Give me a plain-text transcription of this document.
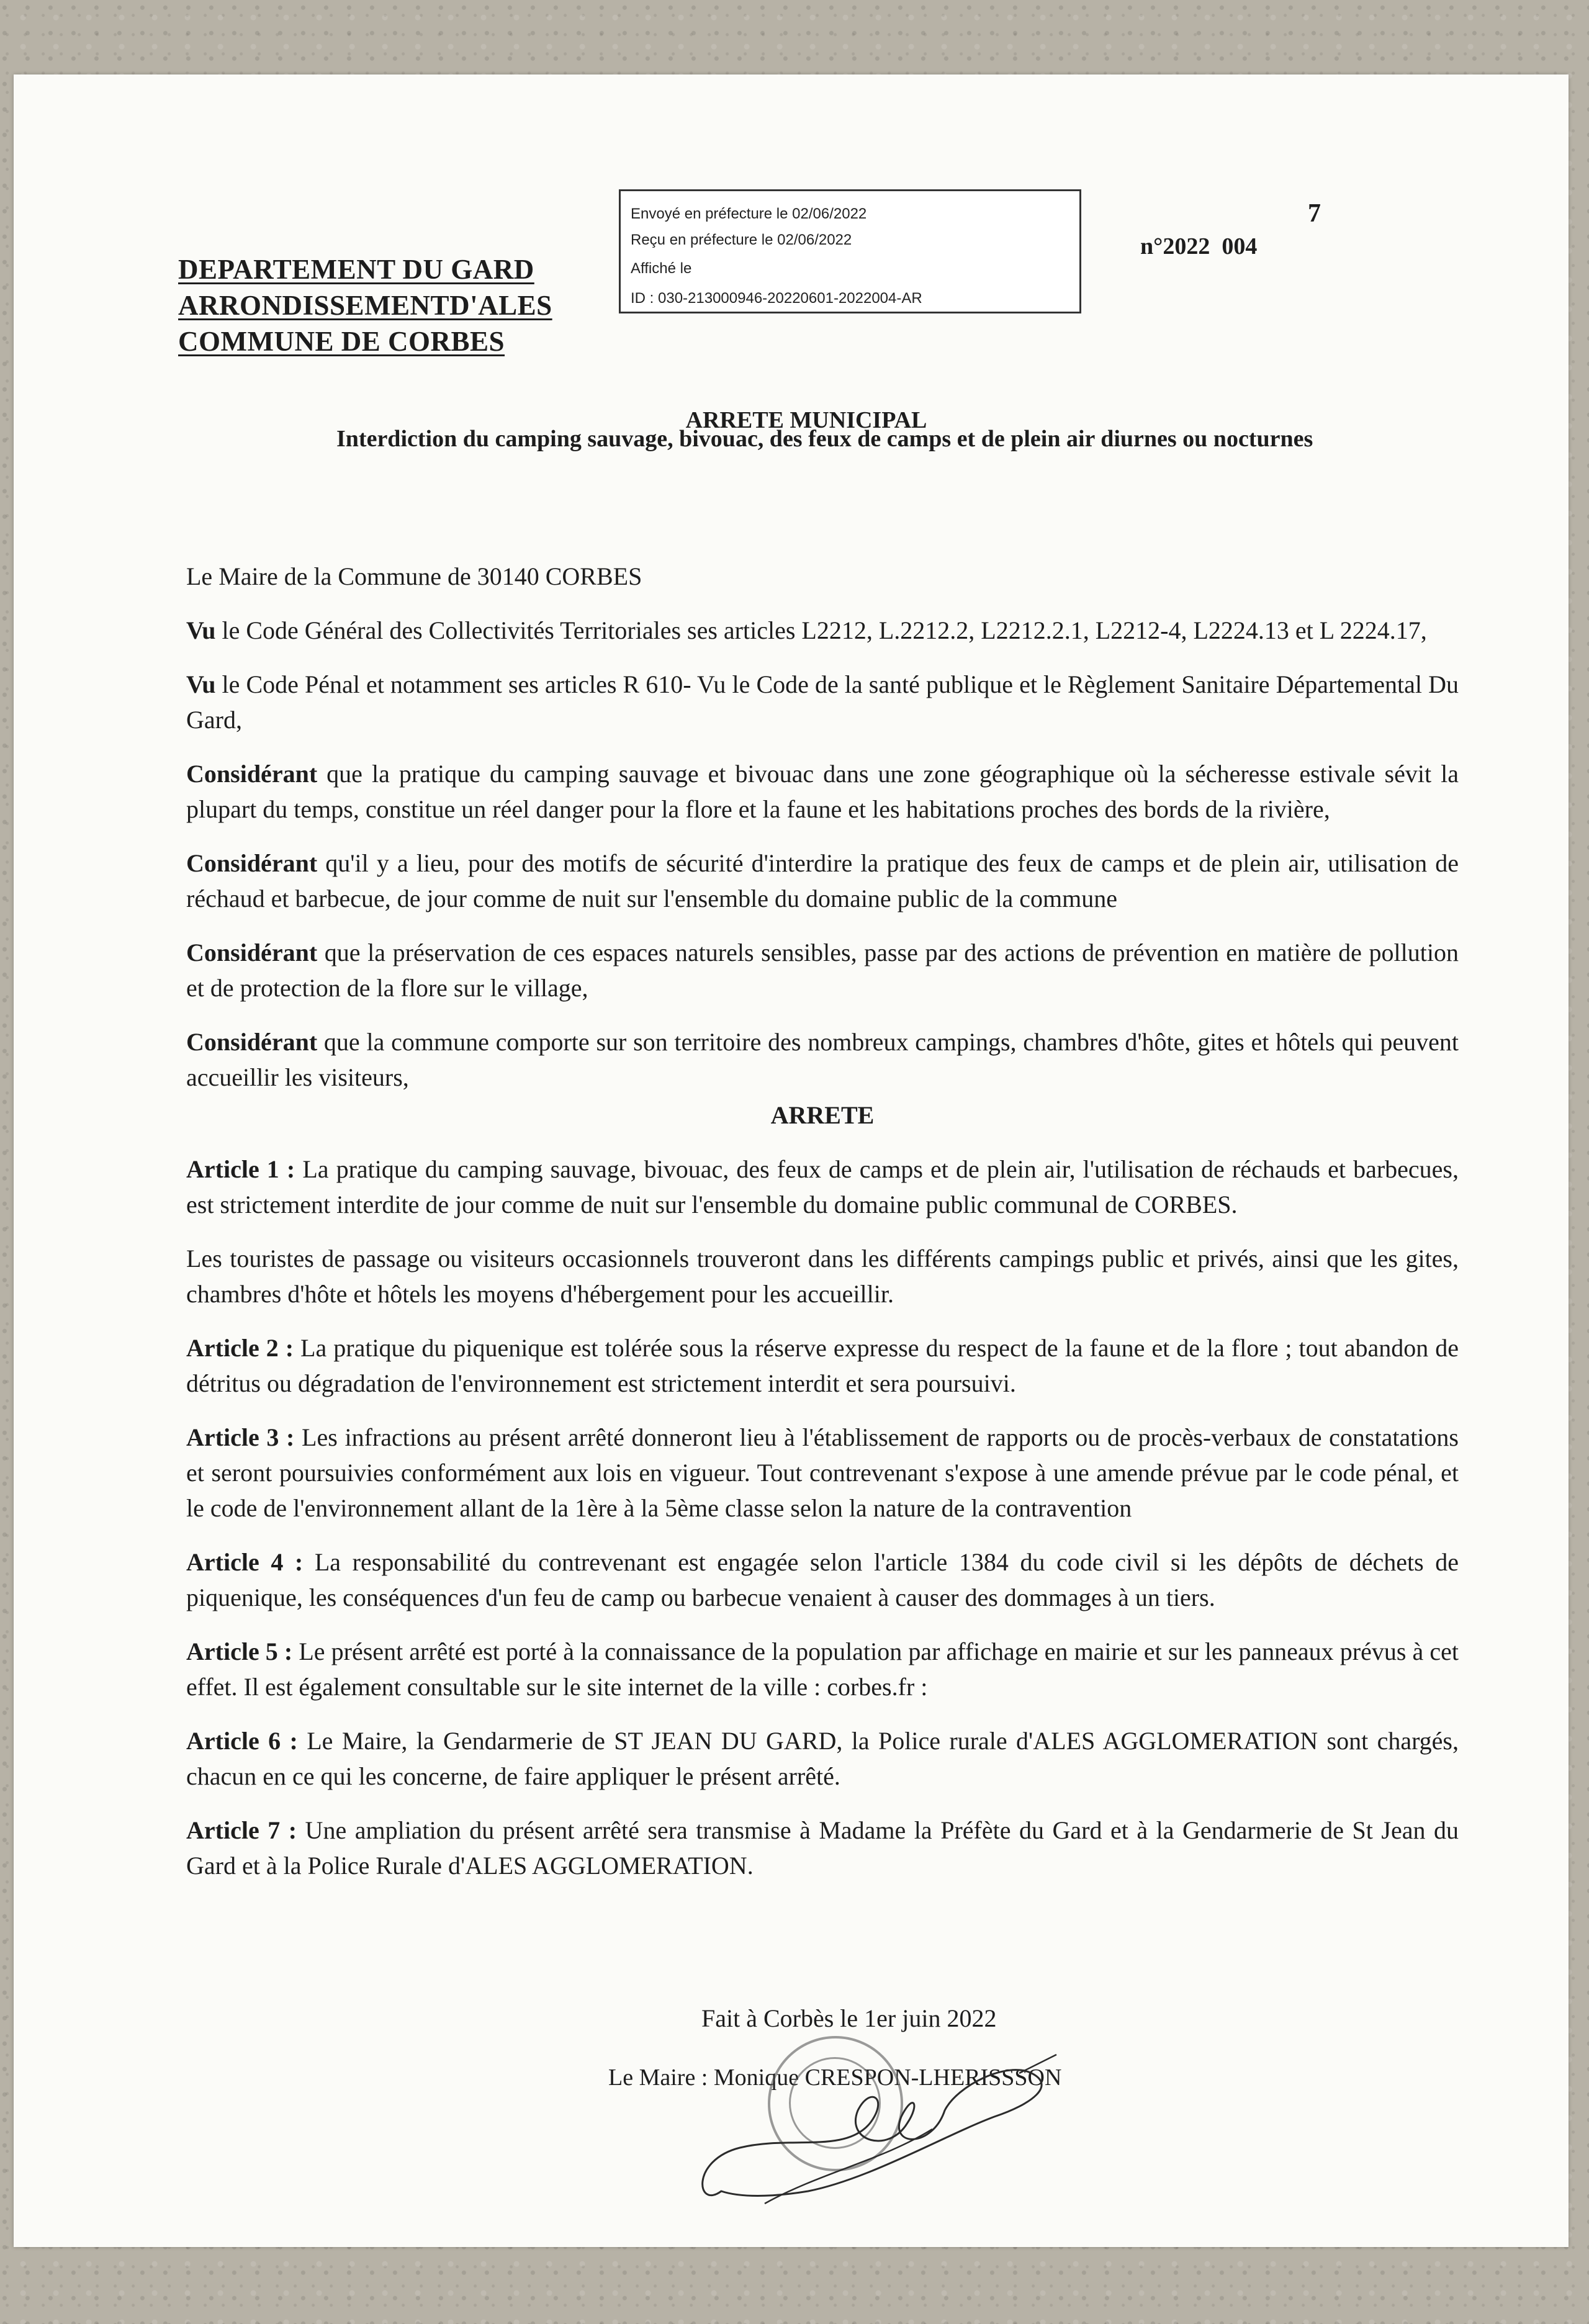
DEPARTEMENT DU GARD
ARRONDISSEMENTD'ALES
COMMUNE DE CORBES
Envoyé en préfecture le 02/06/2022
Reçu en préfecture le 02/06/2022
Affiché le
ID : 030-213000946-20220601-2022004-AR
7
n°2022  004
ARRETE MUNICIPAL
Interdiction du camping sauvage, bivouac, des feux de camps et de plein air diurnes ou nocturnes

Le Maire de la Commune de 30140 CORBES

Vu le Code Général des Collectivités Territoriales ses articles L2212, L.2212.2, L2212.2.1, L2212-4, L2224.13 et L 2224.17,

Vu le Code Pénal et notamment ses articles R 610- Vu le Code de la santé publique et le Règlement Sanitaire Départemental Du Gard,

Considérant que la pratique du camping sauvage et bivouac dans une zone géographique où la sécheresse estivale sévit la plupart du temps, constitue un réel danger pour la flore et la faune et les habitations proches des bords de la rivière,

Considérant qu'il y a lieu, pour des motifs de sécurité d'interdire la pratique des feux de camps et de plein air, utilisation de réchaud et barbecue, de jour comme de nuit sur l'ensemble du domaine public de la commune

Considérant que la préservation de ces espaces naturels sensibles, passe par des actions de prévention en matière de pollution et de protection de la flore sur le village,

Considérant que la commune comporte sur son territoire des nombreux campings, chambres d'hôte, gites et hôtels qui peuvent accueillir les visiteurs,

ARRETE

Article 1 : La pratique du camping sauvage, bivouac, des feux de camps et de plein air, l'utilisation de réchauds et barbecues, est strictement interdite de jour comme de nuit sur l'ensemble du domaine public communal de CORBES.

Les touristes de passage ou visiteurs occasionnels trouveront dans les différents campings public et privés, ainsi que les gites, chambres d'hôte et hôtels les moyens d'hébergement pour les accueillir.

Article 2 : La pratique du piquenique est tolérée sous la réserve expresse du respect de la faune et de la flore ; tout abandon de détritus ou dégradation de l'environnement est strictement interdit et sera poursuivi.

Article 3 : Les infractions au présent arrêté donneront lieu à l'établissement de rapports ou de procès-verbaux de constatations et seront poursuivies conformément aux lois en vigueur. Tout contrevenant s'expose à une amende prévue par le code pénal, et le code de l'environnement allant de la 1ère à la 5ème classe selon la nature de la contravention

Article 4 : La responsabilité du contrevenant est engagée selon l'article 1384 du code civil si les dépôts de déchets de piquenique, les conséquences d'un feu de camp ou barbecue venaient à causer des dommages à un tiers.

Article 5 : Le présent arrêté est porté à la connaissance de la population par affichage en mairie et sur les panneaux prévus à cet effet. Il est également consultable sur le site internet de la ville : corbes.fr :

Article 6 : Le Maire, la Gendarmerie de ST JEAN DU GARD, la Police rurale d'ALES AGGLOMERATION sont chargés, chacun en ce qui les concerne, de faire appliquer le présent arrêté.

Article 7 : Une ampliation du présent arrêté sera transmise à Madame la Préfète du Gard et à la Gendarmerie de St Jean du Gard et à la Police Rurale d'ALES AGGLOMERATION.

Fait à Corbès le 1er juin 2022
Le Maire : Monique CRESPON-LHERISSSON
